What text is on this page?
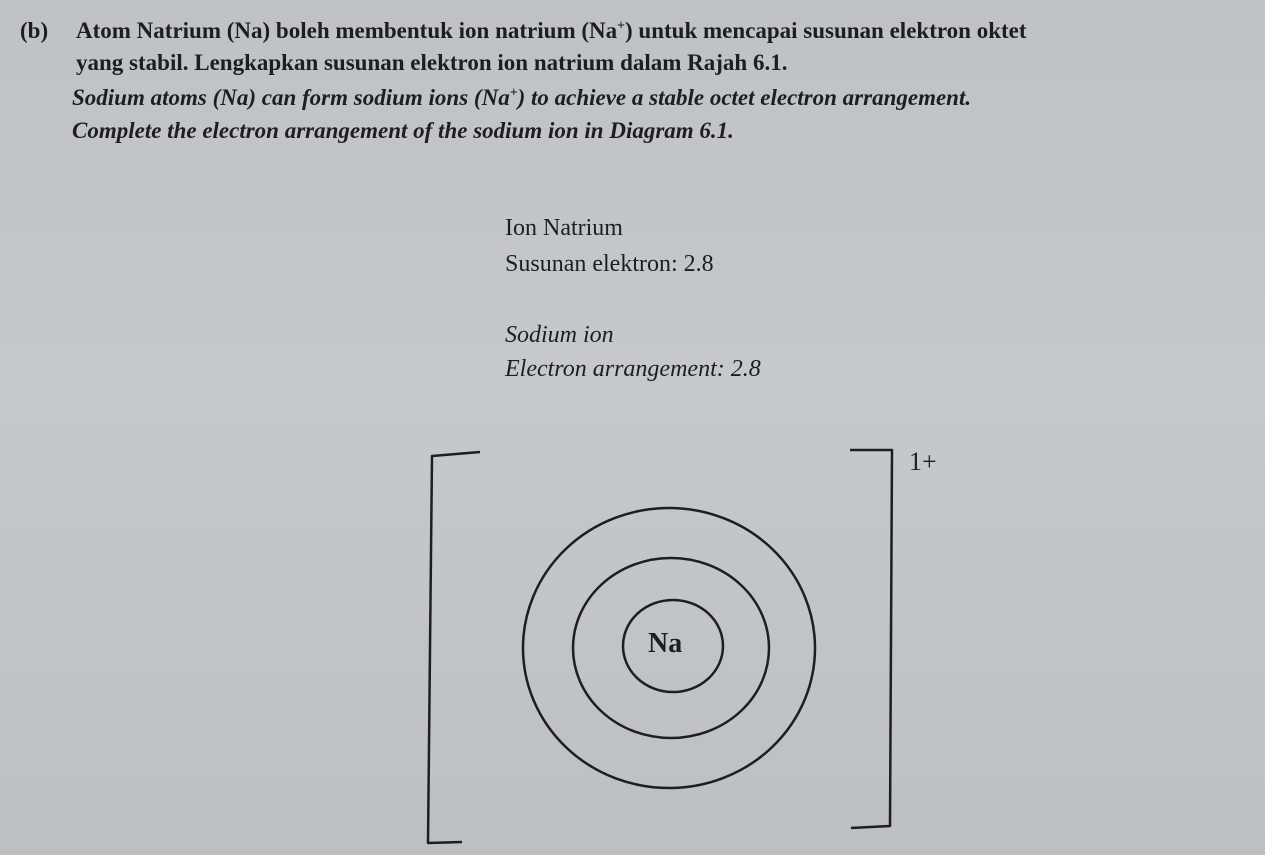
(b) Atom Natrium (Na) boleh membentuk ion natrium (Na+) untuk mencapai susunan elektron oktet
yang stabil. Lengkapkan susunan elektron ion natrium dalam Rajah 6.1.
Sodium atoms (Na) can form sodium ions (Na+) to achieve a stable octet electron arrangement.
Complete the electron arrangement of the sodium ion in Diagram 6.1.
Ion Natrium
Susunan elektron: 2.8
Sodium ion
Electron arrangement: 2.8
Na
1+
